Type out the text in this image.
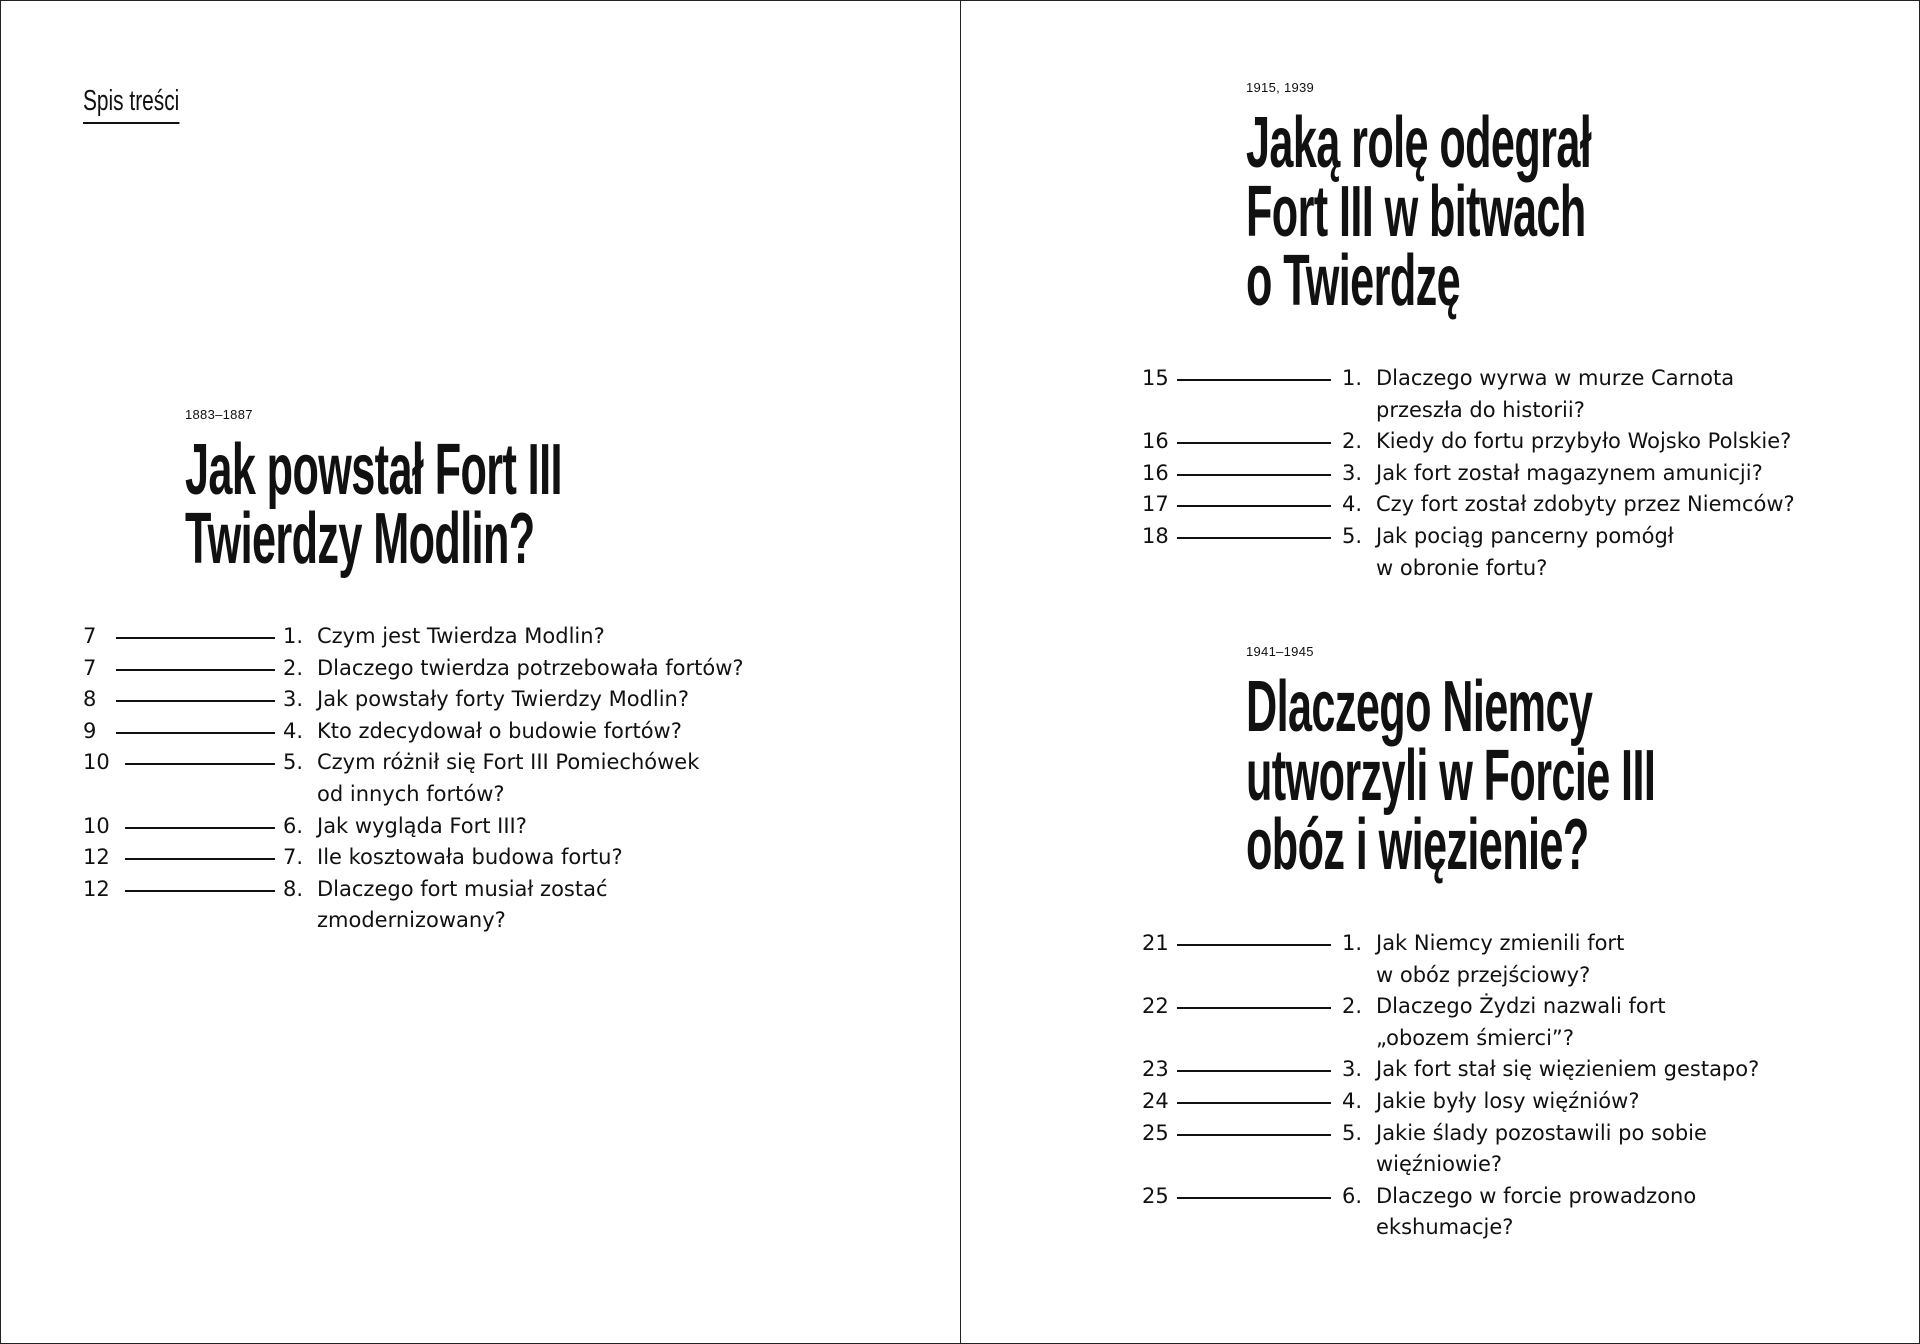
Spis treści
1883–1887
Jak powstał Fort III
Twierdzy Modlin?
7	1. Czym jest Twierdza Modlin?
7	2. Dlaczego twierdza potrzebowała fortów?
8	3. Jak powstały forty Twierdzy Modlin?
9	4. Kto zdecydował o budowie fortów?
10	5. Czym różnił się Fort III Pomiechówek
od innych fortów?
10	6. Jak wygląda Fort III?
12	7. Ile kosztowała budowa fortu?
12	8. Dlaczego fort musiał zostać
zmodernizowany?
1915, 1939
Jaką rolę odegrał
Fort III w bitwach
o Twierdzę
15	1. Dlaczego wyrwa w murze Carnota
przeszła do historii?
16	2. Kiedy do fortu przybyło Wojsko Polskie?
16	3. Jak fort został magazynem amunicji?
17	4. Czy fort został zdobyty przez Niemców?
18	5. Jak pociąg pancerny pomógł
w obronie fortu?
1941–1945
Dlaczego Niemcy
utworzyli w Forcie III
obóz i więzienie?
21	1. Jak Niemcy zmienili fort
w obóz przejściowy?
22	2. Dlaczego Żydzi nazwali fort
„obozem śmierci”?
23	3. Jak fort stał się więzieniem gestapo?
24	4. Jakie były losy więźniów?
25	5. Jakie ślady pozostawili po sobie
więźniowie?
25	6. Dlaczego w forcie prowadzono
ekshumacje?
